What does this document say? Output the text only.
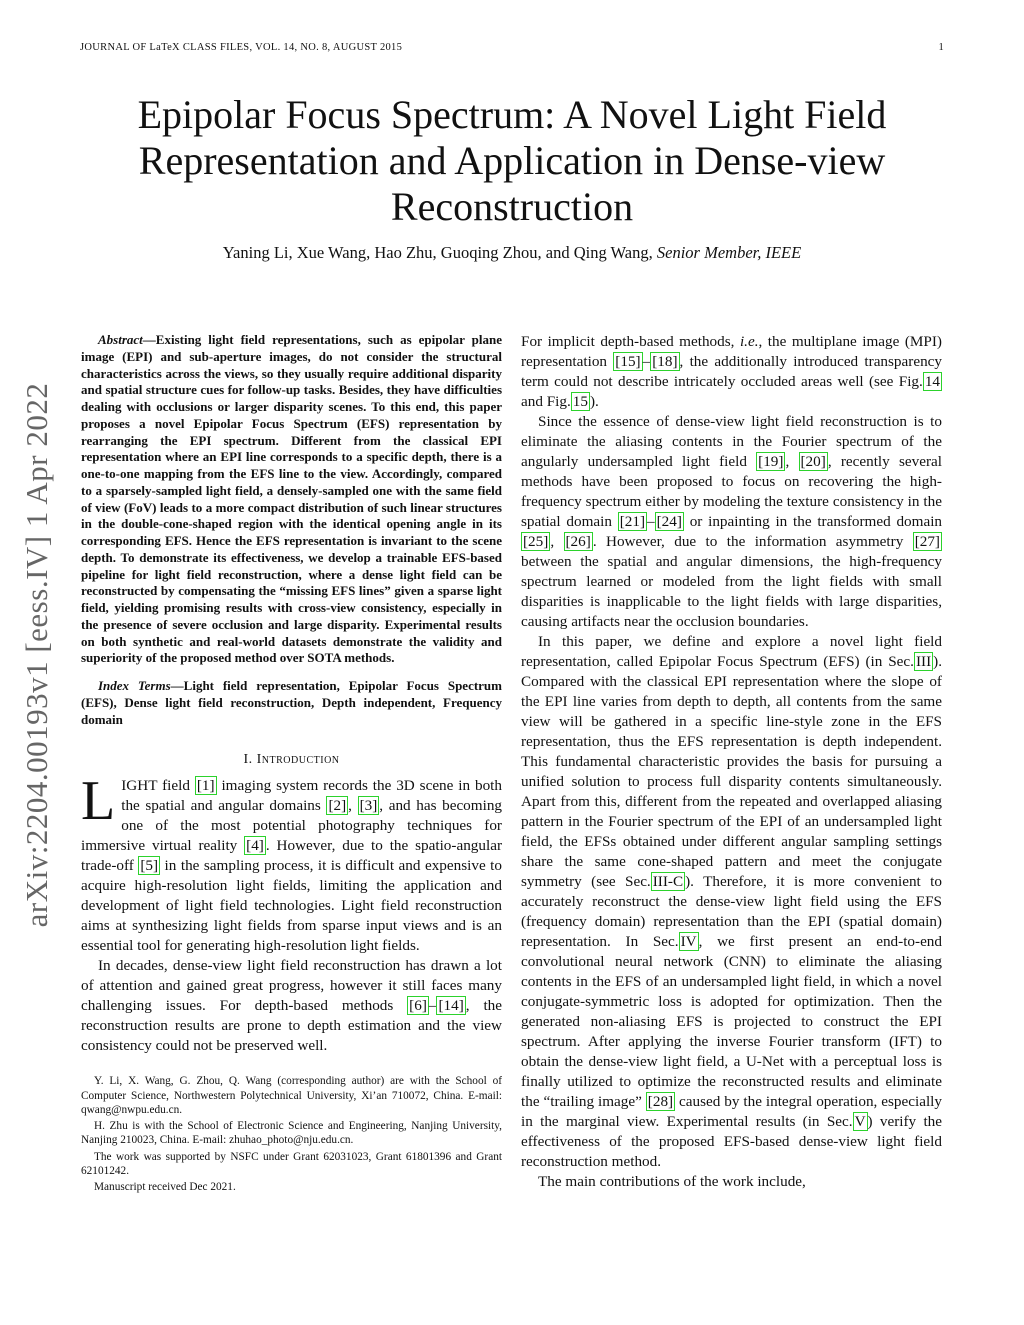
JOURNAL OF LaTeX CLASS FILES, VOL. 14, NO. 8, AUGUST 2015	1
arXiv:2204.00193v1 [eess.IV] 1 Apr 2022
Epipolar Focus Spectrum: A Novel Light Field Representation and Application in Dense-view Reconstruction
Yaning Li, Xue Wang, Hao Zhu, Guoqing Zhou, and Qing Wang, Senior Member, IEEE

Abstract—Existing light field representations, such as epipolar plane image (EPI) and sub-aperture images, do not consider the structural characteristics across the views, so they usually require additional disparity and spatial structure cues for follow-up tasks. Besides, they have difficulties dealing with occlusions or larger disparity scenes. To this end, this paper proposes a novel Epipolar Focus Spectrum (EFS) representation by rearranging the EPI spectrum. Different from the classical EPI representation where an EPI line corresponds to a specific depth, there is a one-to-one mapping from the EFS line to the view. Accordingly, compared to a sparsely-sampled light field, a densely-sampled one with the same field of view (FoV) leads to a more compact distribution of such linear structures in the double-cone-shaped region with the identical opening angle in its corresponding EFS. Hence the EFS representation is invariant to the scene depth. To demonstrate its effectiveness, we develop a trainable EFS-based pipeline for light field reconstruction, where a dense light field can be reconstructed by compensating the “missing EFS lines” given a sparse light field, yielding promising results with cross-view consistency, especially in the presence of severe occlusion and large disparity. Experimental results on both synthetic and real-world datasets demonstrate the validity and superiority of the proposed method over SOTA methods.

Index Terms—Light field representation, Epipolar Focus Spectrum (EFS), Dense light field reconstruction, Depth independent, Frequency domain

I. Introduction

LIGHT field [1] imaging system records the 3D scene in both the spatial and angular domains [2] , [3] , and has becoming one of the most potential photography techniques for immersive virtual reality [4] . However, due to the spatio-angular trade-off [5] in the sampling process, it is difficult and expensive to acquire high-resolution light fields, limiting the application and development of light field technologies. Light field reconstruction aims at synthesizing light fields from sparse input views and is an essential tool for generating high-resolution light fields.

In decades, dense-view light field reconstruction has drawn a lot of attention and gained great progress, however it still faces many challenging issues. For depth-based methods [6] – [14] , the reconstruction results are prone to depth estimation and the view consistency could not be preserved well.

Y. Li, X. Wang, G. Zhou, Q. Wang (corresponding author) are with the School of Computer Science, Northwestern Polytechnical University, Xi’an 710072, China. E-mail: qwang@nwpu.edu.cn.

H. Zhu is with the School of Electronic Science and Engineering, Nanjing University, Nanjing 210023, China. E-mail: zhuhao_photo@nju.edu.cn.

The work was supported by NSFC under Grant 62031023, Grant 61801396 and Grant 62101242.

Manuscript received Dec 2021.

For implicit depth-based methods, i.e., the multiplane image (MPI) representation [15] – [18] , the additionally introduced transparency term could not describe intricately occluded areas well (see Fig. 14 and Fig. 15 ).

Since the essence of dense-view light field reconstruction is to eliminate the aliasing contents in the Fourier spectrum of the angularly undersampled light field [19] , [20] , recently several methods have been proposed to focus on recovering the high-frequency spectrum either by modeling the texture consistency in the spatial domain [21] – [24] or inpainting in the transformed domain [25] , [26] . However, due to the information asymmetry [27] between the spatial and angular dimensions, the high-frequency spectrum learned or modeled from the light fields with small disparities is inapplicable to the light fields with large disparities, causing artifacts near the occlusion boundaries.

In this paper, we define and explore a novel light field representation, called Epipolar Focus Spectrum (EFS) (in Sec. III ). Compared with the classical EPI representation where the slope of the EPI line varies from depth to depth, all contents from the same view will be gathered in a specific line-style zone in the EFS representation, thus the EFS representation is depth independent. This fundamental characteristic provides the basis for pursuing a unified solution to process full disparity contents simultaneously. Apart from this, different from the repeated and overlapped aliasing pattern in the Fourier spectrum of the EPI of an undersampled light field, the EFSs obtained under different angular sampling settings share the same cone-shaped pattern and meet the conjugate symmetry (see Sec. III-C ). Therefore, it is more convenient to accurately reconstruct the dense-view light field using the EFS (frequency domain) representation than the EPI (spatial domain) representation. In Sec. IV , we first present an end-to-end convolutional neural network (CNN) to eliminate the aliasing contents in the EFS of an undersampled light field, in which a novel conjugate-symmetric loss is adopted for optimization. Then the generated non-aliasing EFS is projected to construct the EPI spectrum. After applying the inverse Fourier transform (IFT) to obtain the dense-view light field, a U-Net with a perceptual loss is finally utilized to optimize the reconstructed results and eliminate the “trailing image” [28] caused by the integral operation, especially in the marginal view. Experimental results (in Sec. V ) verify the effectiveness of the proposed EFS-based dense-view light field reconstruction method.

The main contributions of the work include,
